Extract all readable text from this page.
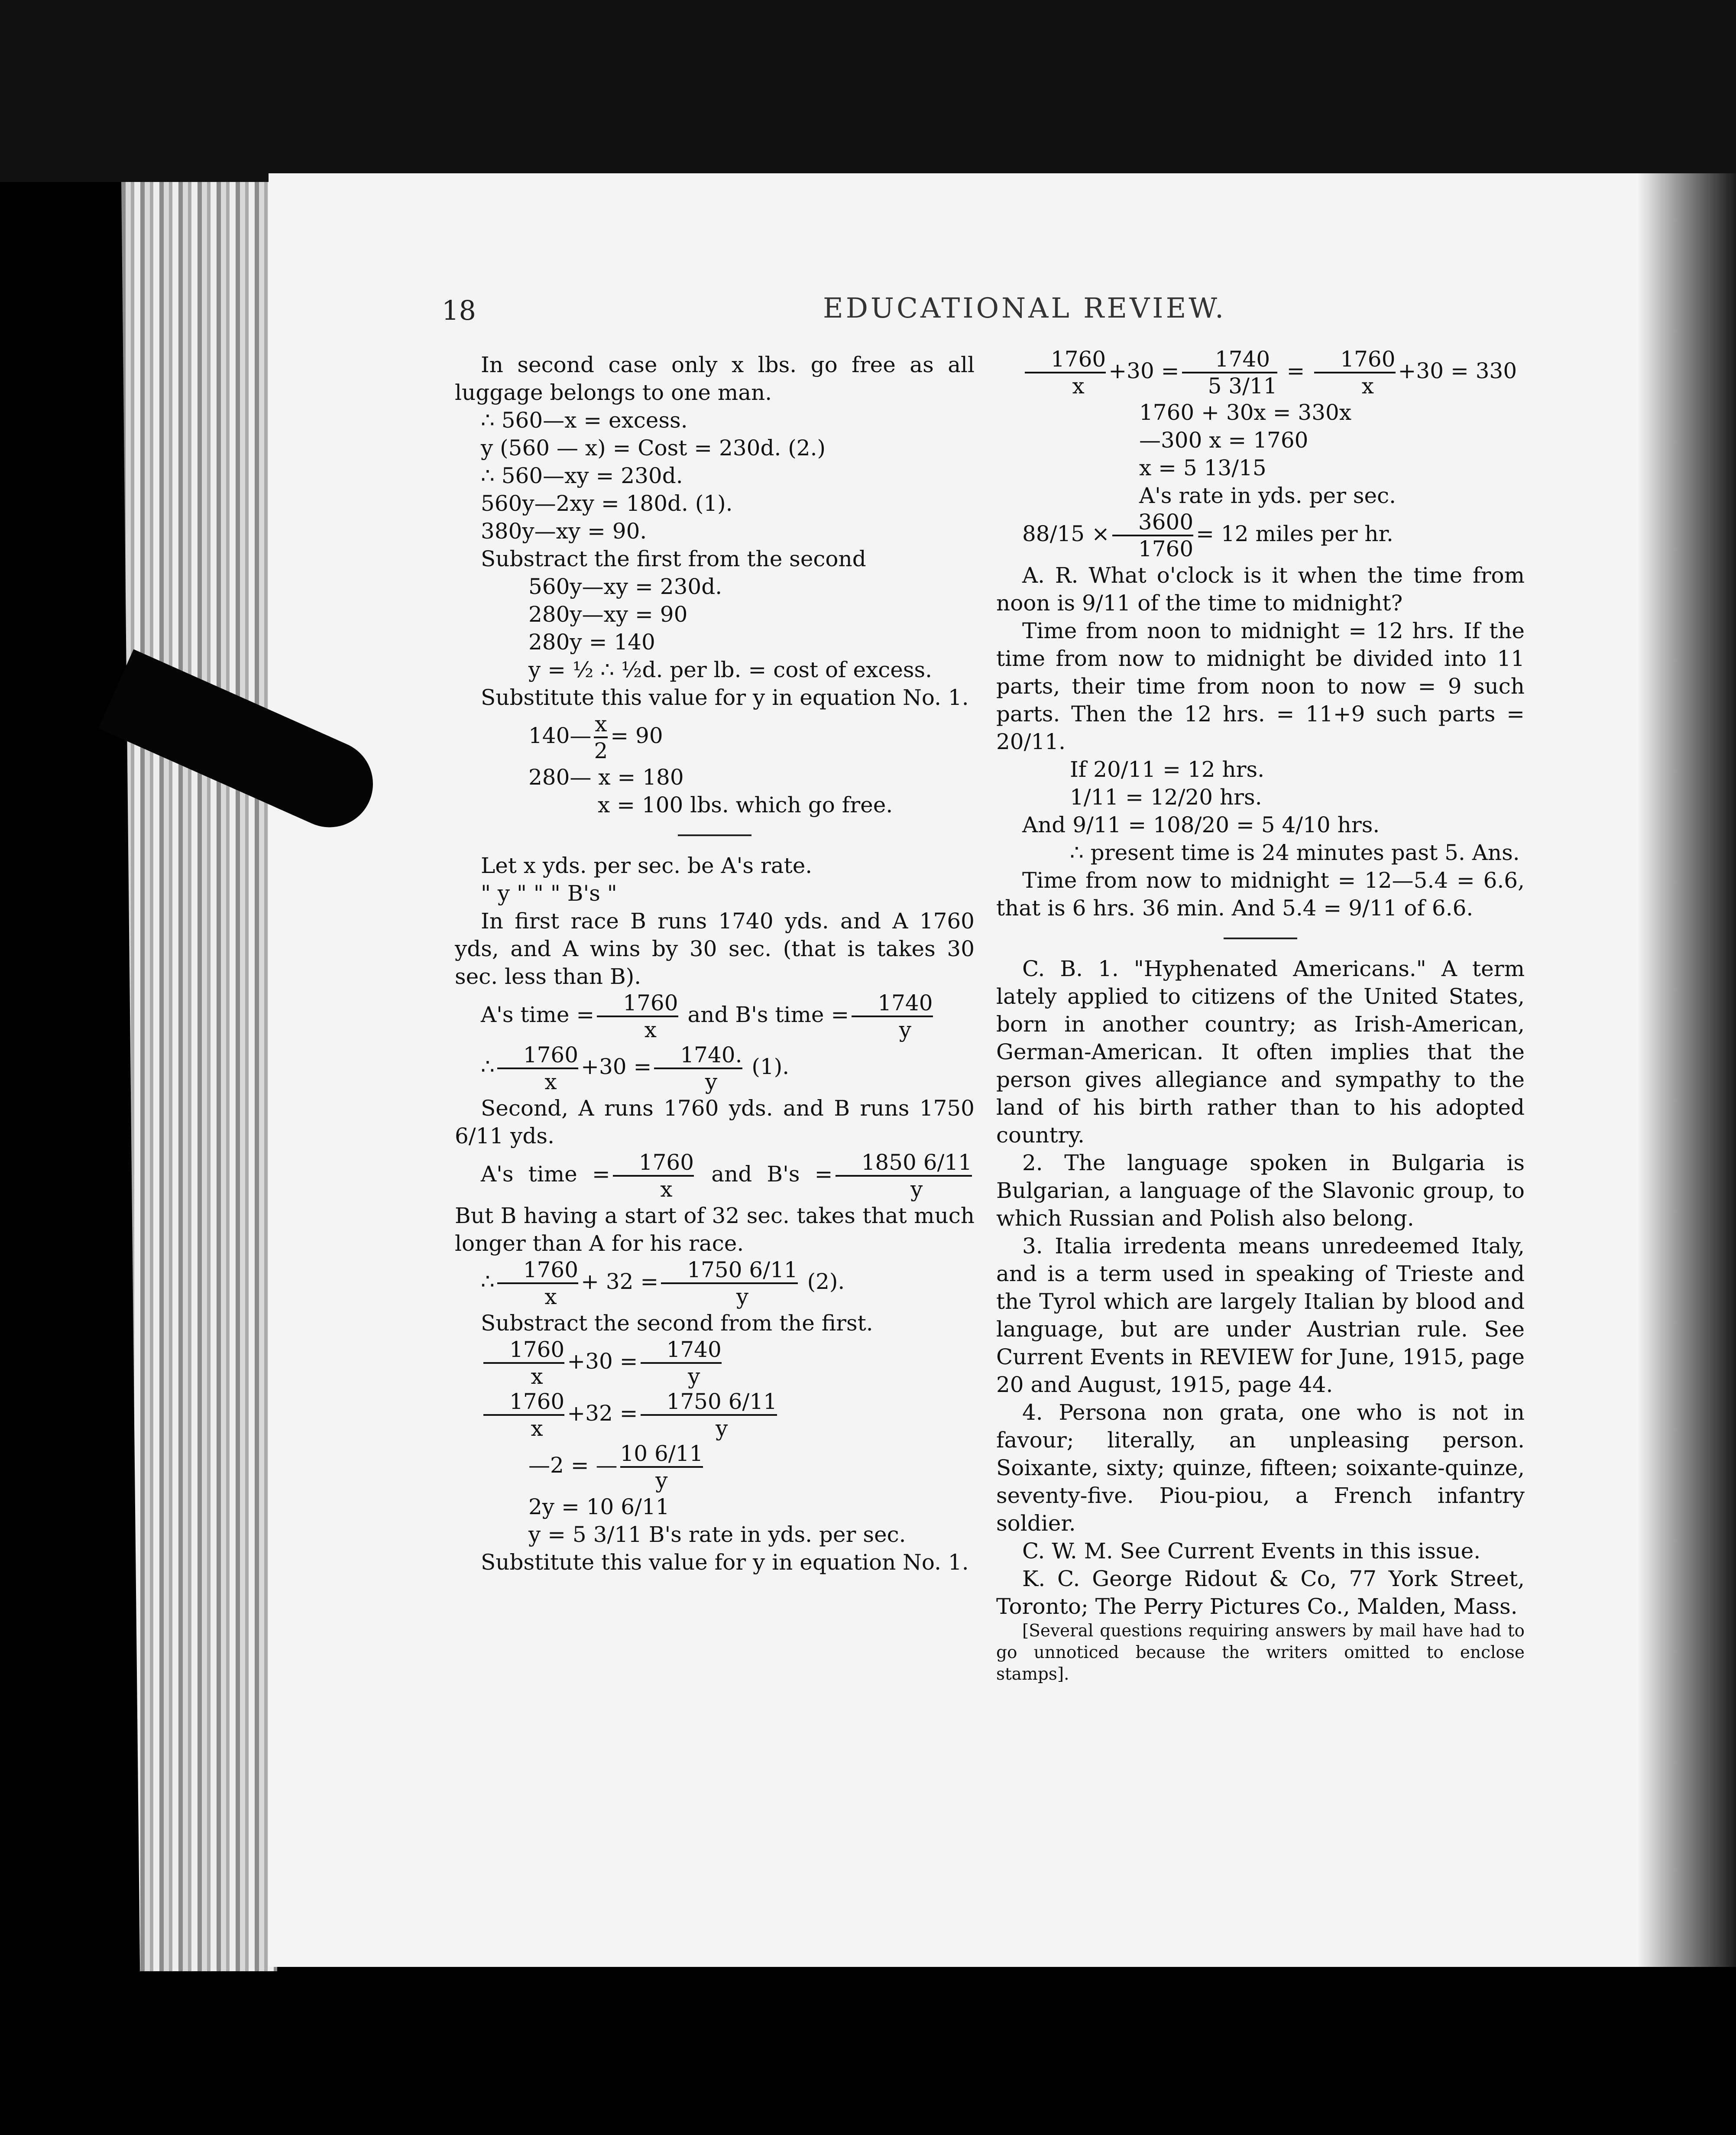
18	EDUCATIONAL REVIEW.

In second case only x lbs. go free as all luggage belongs to one man.

∴ 560—x = excess.

y (560 — x) = Cost = 230d. (2.)

∴ 560—xy = 230d.

560y—2xy = 180d. (1).

380y—xy = 90.

Substract the first from the second

560y—xy = 230d.

280y—xy = 90

280y = 140

y = ½ ∴ ½d. per lb. = cost of excess.

Substitute this value for y in equation No. 1.

140— $\frac{x}{2} = 90$

280— x = 180

x = 100 lbs. which go free.

Let x yds. per sec. be A's rate.

" y " " " B's "

In first race B runs 1740 yds. and A 1760 yds, and A wins by 30 sec. (that is takes 30 sec. less than B).

A's time = $\frac{1760}{x}$ and B's time = $\frac{1740}{y}$

∴ $\frac{1760}{x} +30 = \frac{1740.}{y} (1)$.

Second, A runs 1760 yds. and B runs 1750 6/11 yds.

A's time = $\frac{1760}{x}$ and $B's = \frac{1850 6/11}{y}$
But B having a start of 32 sec. takes that much longer than A for his race.

∴ $\frac{1760}{x} + 32 = \frac{1750 6/11}{y} (2)$.

Substract the second from the first.

$\frac{1760}{x} +30 = \frac{1740}{y}$

$\frac{1760}{x} +32 = \frac{1750 6/11}{y}$

—2 = — $\frac{10 6/11}{y}$

2y = 10 6/11

y = 5 3/11 B's rate in yds. per sec.

Substitute this value for y in equation No. 1.

$\frac{1760}{x} +30 = \frac{1740}{5 3/11} = \frac{1760}{x} +30 = 330$

1760 + 30x = 330x

—300 x = 1760

x = 5 13/15

A's rate in yds. per sec.

$88/15 \times \frac{3600}{1760} = 12$ miles per hr.

A. R. What o'clock is it when the time from noon is 9/11 of the time to midnight?

Time from noon to midnight = 12 hrs. If the time from now to midnight be divided into 11 parts, their time from noon to now = 9 such parts. Then the 12 hrs. = 11+9 such parts = 20/11.

If 20/11 = 12 hrs.

1/11 = 12/20 hrs.

And 9/11 = 108/20 = 5 4/10 hrs.

∴ present time is 24 minutes past 5. Ans.

Time from now to midnight = 12—5.4 = 6.6, that is 6 hrs. 36 min. And 5.4 = 9/11 of 6.6.

C. B. 1. "Hyphenated Americans." A term lately applied to citizens of the United States, born in another country; as Irish-American, German-American. It often implies that the person gives allegiance and sympathy to the land of his birth rather than to his adopted country.

2. The language spoken in Bulgaria is Bulgarian, a language of the Slavonic group, to which Russian and Polish also belong.

3. Italia irredenta means unredeemed Italy, and is a term used in speaking of Trieste and the Tyrol which are largely Italian by blood and language, but are under Austrian rule. See Current Events in REVIEW for June, 1915, page 20 and August, 1915, page 44.

4. Persona non grata, one who is not in favour; literally, an unpleasing person. Soixante, sixty; quinze, fifteen; soixante-quinze, seventy-five. Piou-piou, a French infantry soldier.

C. W. M. See Current Events in this issue.

K. C. George Ridout & Co, 77 York Street, Toronto; The Perry Pictures Co., Malden, Mass.

[Several questions requiring answers by mail have had to go unnoticed because the writers omitted to enclose stamps].
